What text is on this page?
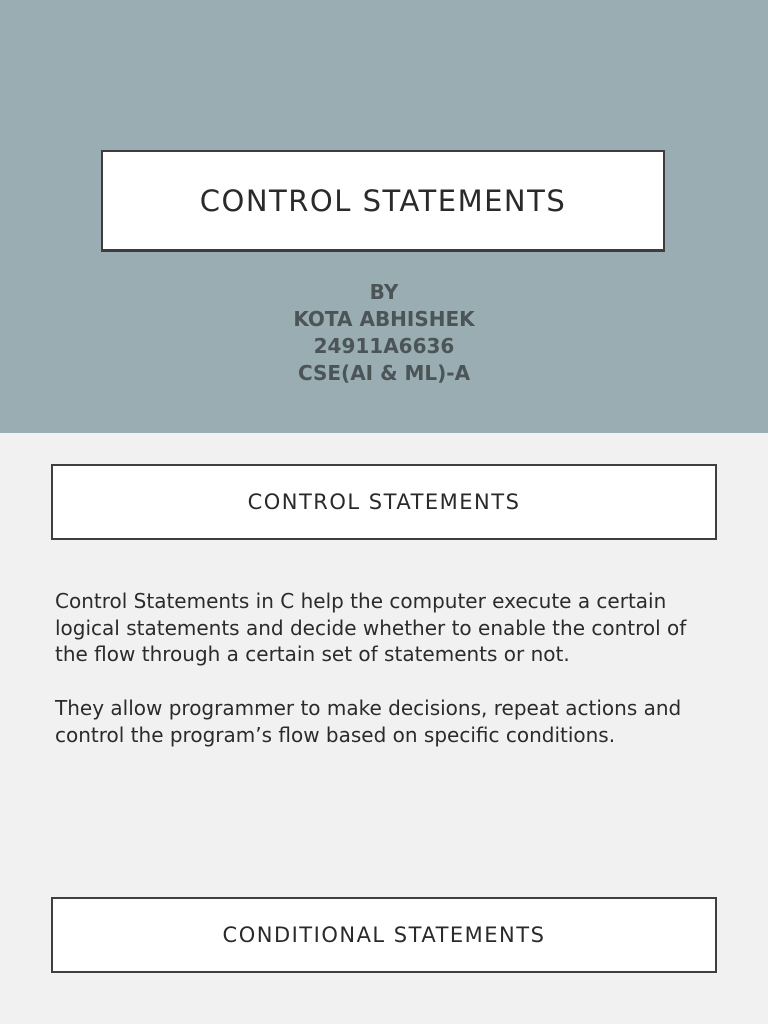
CONTROL STATEMENTS
BY
KOTA ABHISHEK
24911A6636
CSE(AI & ML)-A
CONTROL STATEMENTS

Control Statements in C help the computer execute a certain logical statements and decide whether to enable the control of the flow through a certain set of statements or not.

They allow programmer to make decisions, repeat actions and control the program’s flow based on specific conditions.

CONDITIONAL STATEMENTS
